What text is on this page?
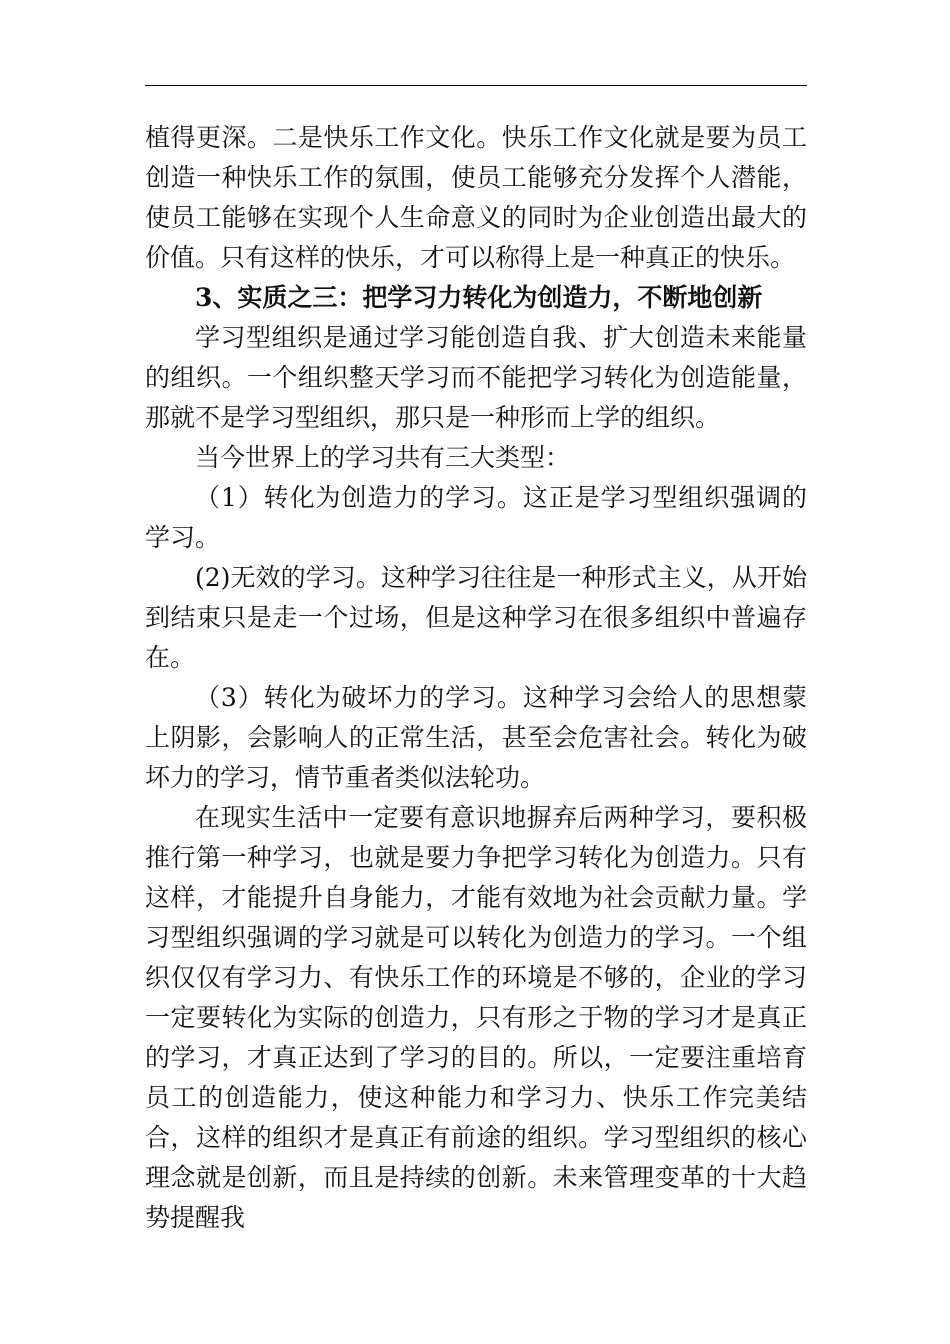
植得更深。二是快乐工作文化。快乐工作文化就是要为员工创造一种快乐工作的氛围，使员工能够充分发挥个人潜能，使员工能够在实现个人生命意义的同时为企业创造出最大的价值。只有这样的快乐，才可以称得上是一种真正的快乐。

3、实质之三：把学习力转化为创造力，不断地创新

学习型组织是通过学习能创造自我、扩大创造未来能量的组织。一个组织整天学习而不能把学习转化为创造能量，那就不是学习型组织，那只是一种形而上学的组织。

当今世界上的学习共有三大类型：

（1）转化为创造力的学习。这正是学习型组织强调的学习。

(2)无效的学习。这种学习往往是一种形式主义，从开始到结束只是走一个过场，但是这种学习在很多组织中普遍存在。

（3）转化为破坏力的学习。这种学习会给人的思想蒙上阴影，会影响人的正常生活，甚至会危害社会。转化为破坏力的学习，情节重者类似法轮功。

在现实生活中一定要有意识地摒弃后两种学习，要积极推行第一种学习，也就是要力争把学习转化为创造力。只有这样，才能提升自身能力，才能有效地为社会贡献力量。学习型组织强调的学习就是可以转化为创造力的学习。一个组织仅仅有学习力、有快乐工作的环境是不够的，企业的学习一定要转化为实际的创造力，只有形之于物的学习才是真正的学习，才真正达到了学习的目的。所以，一定要注重培育员工的创造能力，使这种能力和学习力、快乐工作完美结合，这样的组织才是真正有前途的组织。学习型组织的核心理念就是创新，而且是持续的创新。未来管理变革的十大趋势提醒我
